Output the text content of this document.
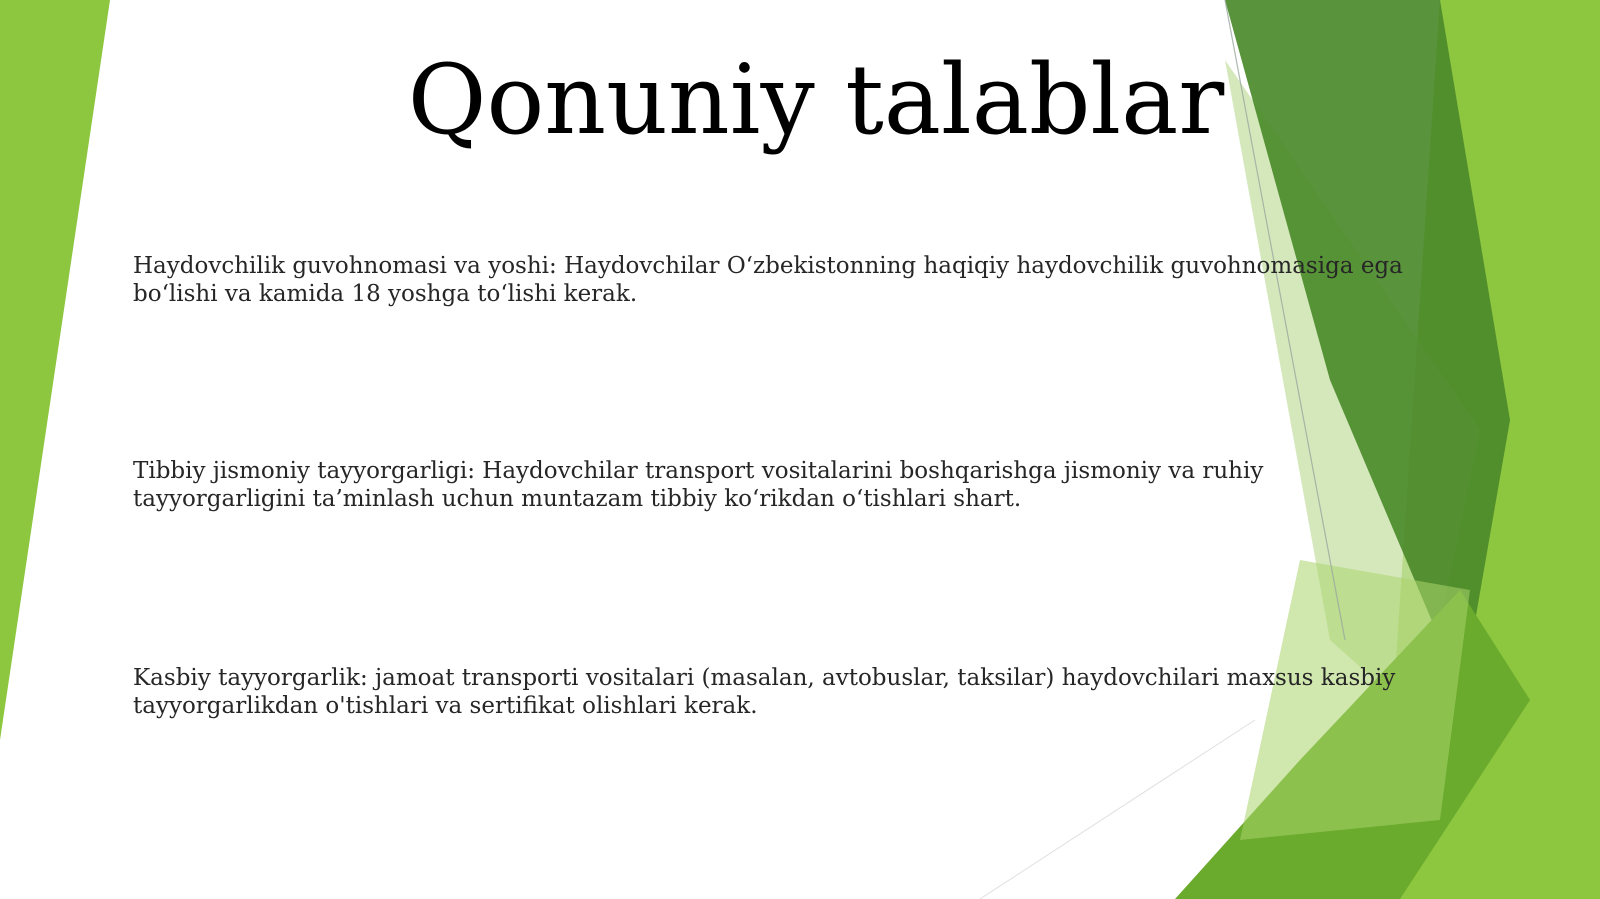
Qonuniy talablar

Haydovchilik guvohnomasi va yoshi: Haydovchilar O‘zbekistonning haqiqiy haydovchilik guvohnomasiga ega bo‘lishi va kamida 18 yoshga to‘lishi kerak.

Tibbiy jismoniy tayyorgarligi: Haydovchilar transport vositalarini boshqarishga jismoniy va ruhiy tayyorgarligini ta’minlash uchun muntazam tibbiy ko‘rikdan o‘tishlari shart.

Kasbiy tayyorgarlik: jamoat transporti vositalari (masalan, avtobuslar, taksilar) haydovchilari maxsus kasbiy tayyorgarlikdan o'tishlari va sertifikat olishlari kerak.
